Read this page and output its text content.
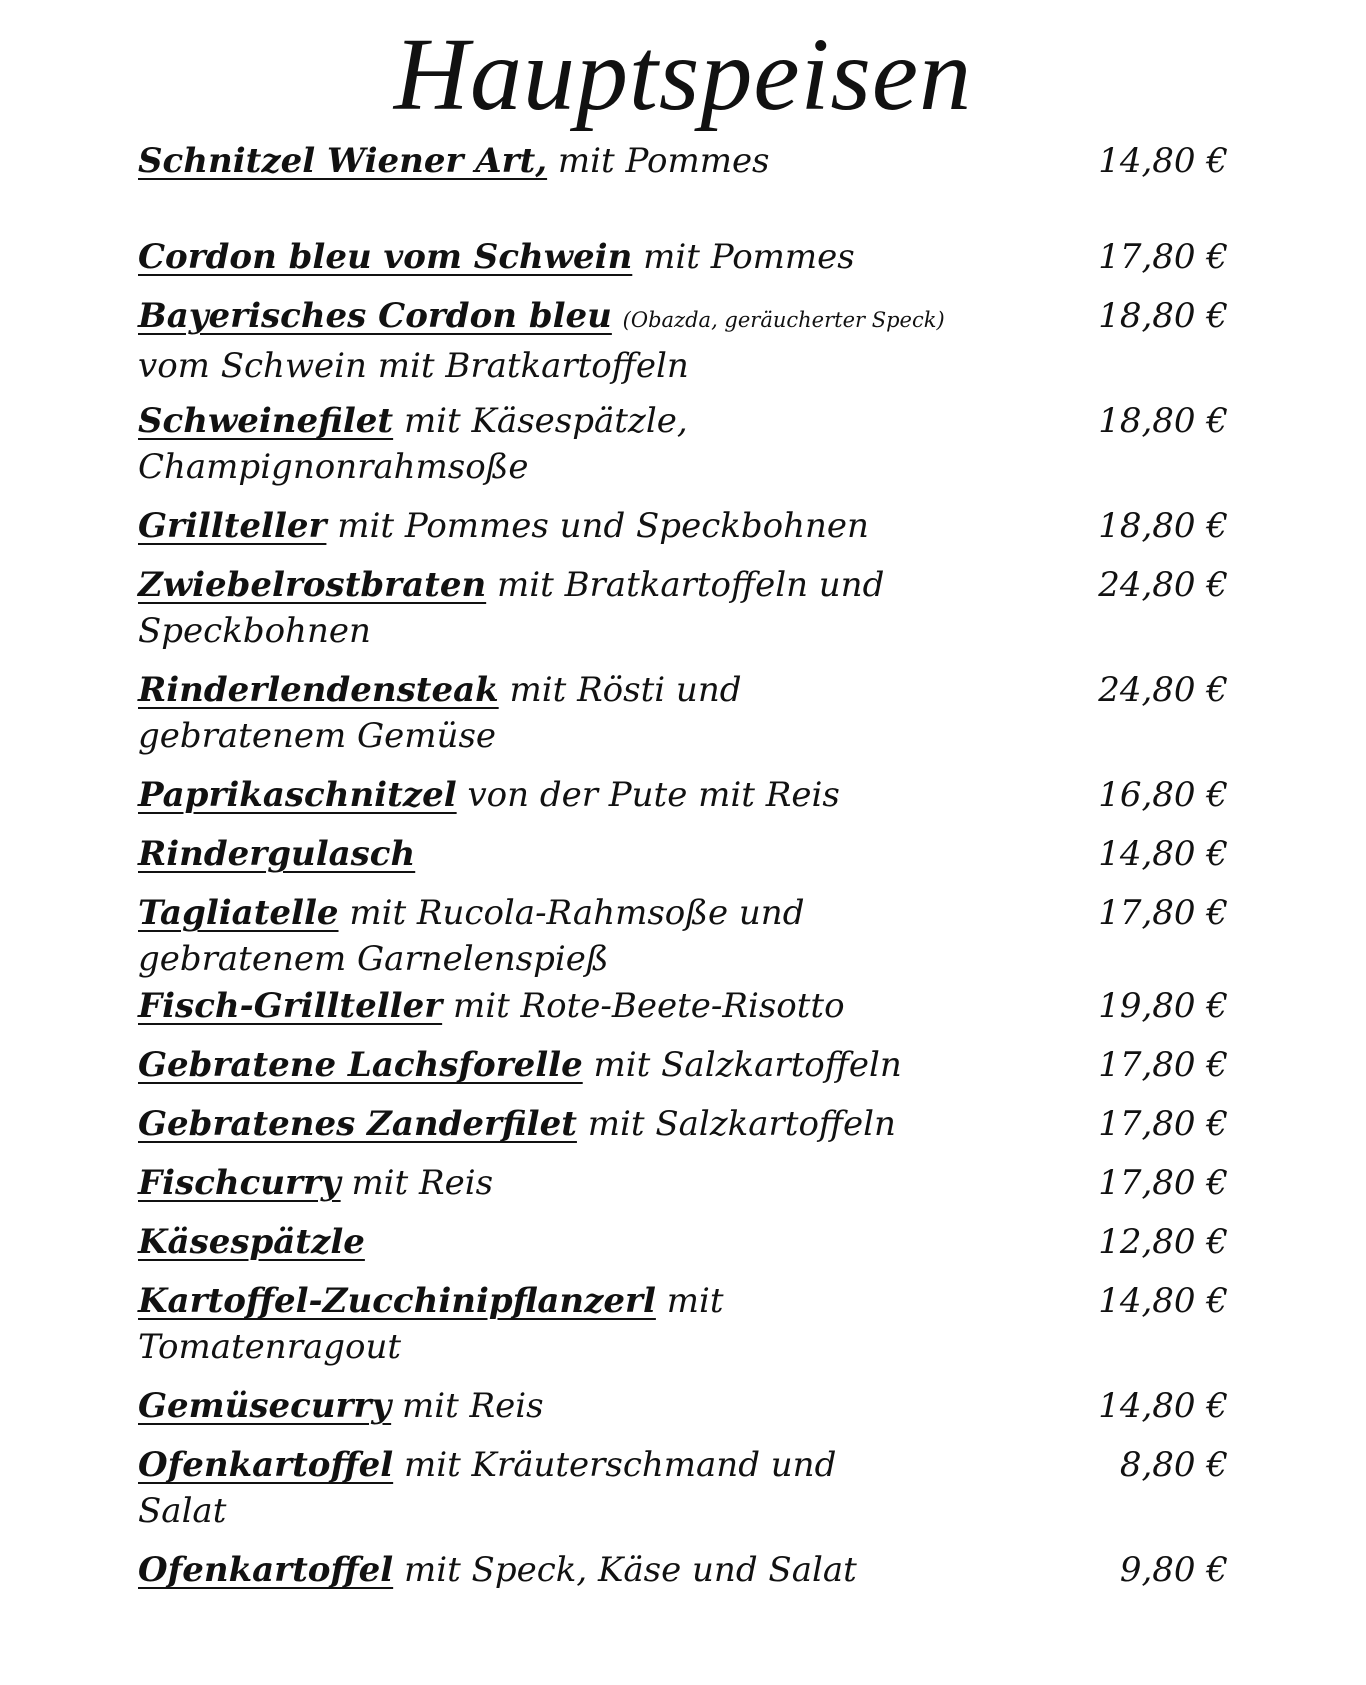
Hauptspeisen
Schnitzel Wiener Art, mit Pommes	14,80 €
Cordon bleu vom Schwein mit Pommes	17,80 €
Bayerisches Cordon bleu (Obazda, geräucherter Speck)
vom Schwein mit Bratkartoffeln
18,80 €
Schweinefilet mit Käsespätzle,
Champignonrahmsoße
18,80 €
Grillteller mit Pommes und Speckbohnen	18,80 €
Zwiebelrostbraten mit Bratkartoffeln und
Speckbohnen
24,80 €
Rinderlendensteak mit Rösti und
gebratenem Gemüse
24,80 €
Paprikaschnitzel von der Pute mit Reis	16,80 €
Rindergulasch	14,80 €
Tagliatelle mit Rucola-Rahmsoße und
gebratenem Garnelenspieß
17,80 €
Fisch-Grillteller mit Rote-Beete-Risotto	19,80 €
Gebratene Lachsforelle mit Salzkartoffeln	17,80 €
Gebratenes Zanderfilet mit Salzkartoffeln	17,80 €
Fischcurry mit Reis	17,80 €
Käsespätzle	12,80 €
Kartoffel-Zucchinipflanzerl mit
Tomatenragout
14,80 €
Gemüsecurry mit Reis	14,80 €
Ofenkartoffel mit Kräuterschmand und
Salat
8,80 €
Ofenkartoffel mit Speck, Käse und Salat	9,80 €
